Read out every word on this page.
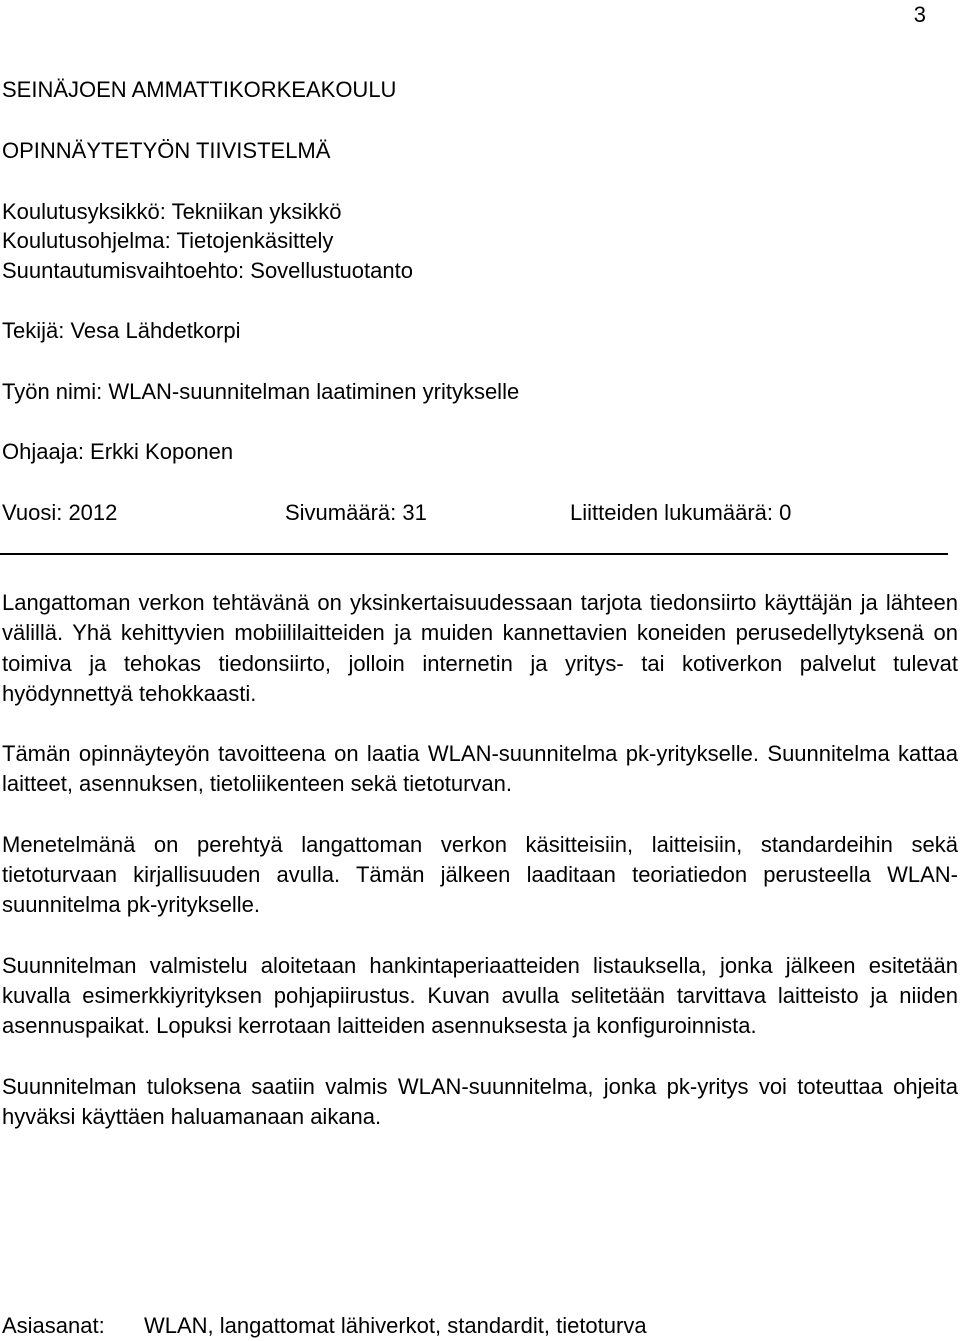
3
SEINÄJOEN AMMATTIKORKEAKOULU
OPINNÄYTETYÖN TIIVISTELMÄ
Koulutusyksikkö: Tekniikan yksikkö
Koulutusohjelma: Tietojenkäsittely
Suuntautumisvaihtoehto: Sovellustuotanto
Tekijä: Vesa Lähdetkorpi
Työn nimi: WLAN-suunnitelman laatiminen yritykselle
Ohjaaja: Erkki Koponen
Vuosi: 2012	Sivumäärä: 31	Liitteiden lukumäärä: 0

Langattoman verkon tehtävänä on yksinkertaisuudessaan tarjota tiedonsiirto käyttäjän ja lähteen välillä. Yhä kehittyvien mobiililaitteiden ja muiden kannettavien koneiden perusedellytyksenä on toimiva ja tehokas tiedonsiirto, jolloin internetin ja yritys- tai kotiverkon palvelut tulevat hyödynnettyä tehokkaasti.

Tämän opinnäyteyön tavoitteena on laatia WLAN-suunnitelma pk-yritykselle. Suunnitelma kattaa laitteet, asennuksen, tietoliikenteen sekä tietoturvan.

Menetelmänä on perehtyä langattoman verkon käsitteisiin, laitteisiin, standardeihin sekä tietoturvaan kirjallisuuden avulla. Tämän jälkeen laaditaan teoriatiedon perusteella WLAN-suunnitelma pk-yritykselle.

Suunnitelman valmistelu aloitetaan hankintaperiaatteiden listauksella, jonka jälkeen esitetään kuvalla esimerkkiyrityksen pohjapiirustus. Kuvan avulla selitetään tarvittava laitteisto ja niiden asennuspaikat. Lopuksi kerrotaan laitteiden asennuksesta ja konfiguroinnista.

Suunnitelman tuloksena saatiin valmis WLAN-suunnitelma, jonka pk-yritys voi toteuttaa ohjeita hyväksi käyttäen haluamanaan aikana.

Asiasanat: WLAN, langattomat lähiverkot, standardit, tietoturva
